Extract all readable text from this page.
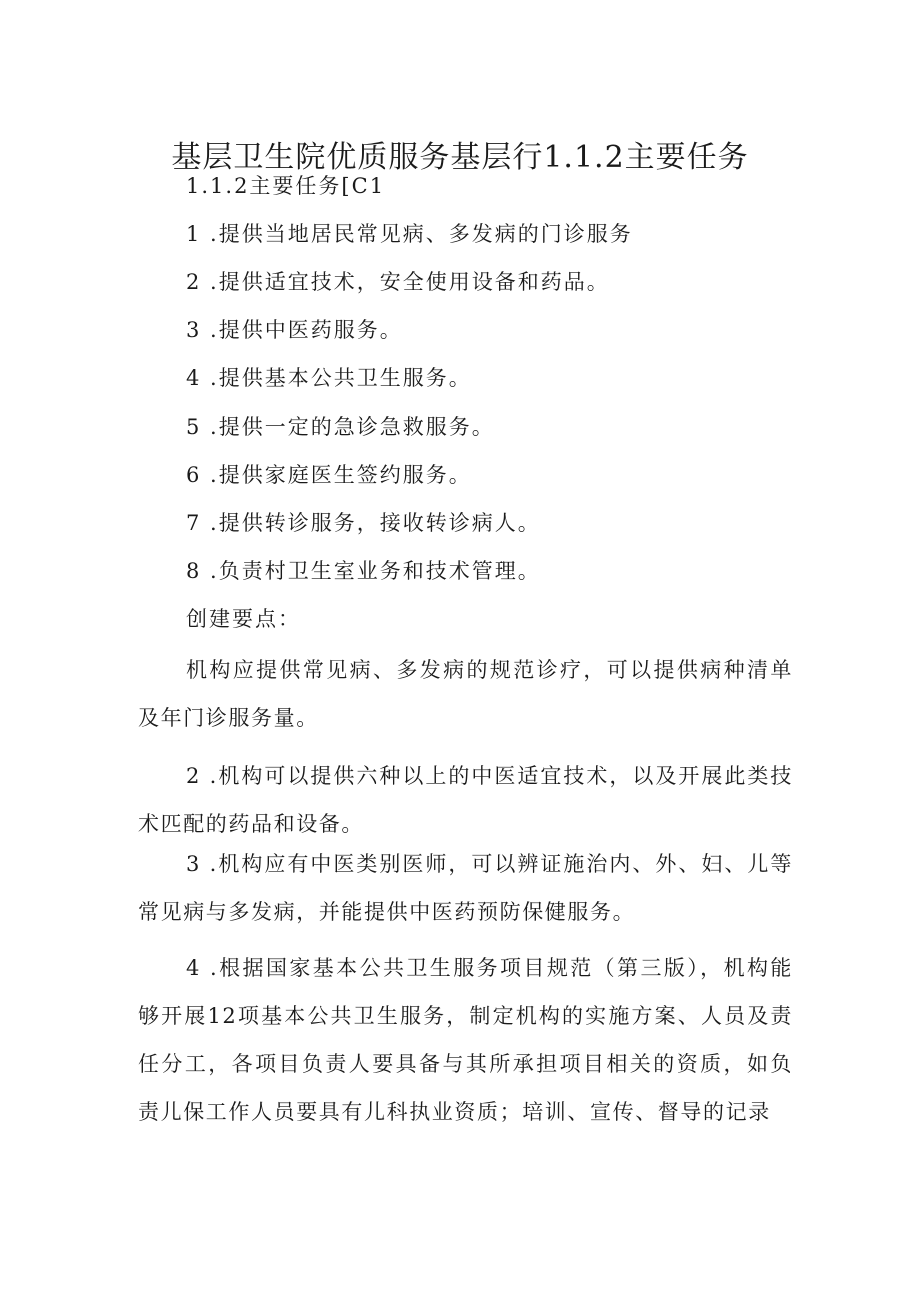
基层卫生院优质服务基层行1.1.2主要任务
1.1.2主要任务[C1
1 .提供当地居民常见病、多发病的门诊服务
2 .提供适宜技术，安全使用设备和药品。
3 .提供中医药服务。
4 .提供基本公共卫生服务。
5 .提供一定的急诊急救服务。
6 .提供家庭医生签约服务。
7 .提供转诊服务，接收转诊病人。
8 .负责村卫生室业务和技术管理。
创建要点：

机构应提供常见病、多发病的规范诊疗，可以提供病种清单及年门诊服务量。

2 .机构可以提供六种以上的中医适宜技术，以及开展此类技术匹配的药品和设备。

3 .机构应有中医类别医师，可以辨证施治内、外、妇、儿等常见病与多发病，并能提供中医药预防保健服务。

4 .根据国家基本公共卫生服务项目规范（第三版），机构能够开展12项基本公共卫生服务，制定机构的实施方案、人员及责任分工，各项目负责人要具备与其所承担项目相关的资质，如负责儿保工作人员要具有儿科执业资质；培训、宣传、督导的记录
